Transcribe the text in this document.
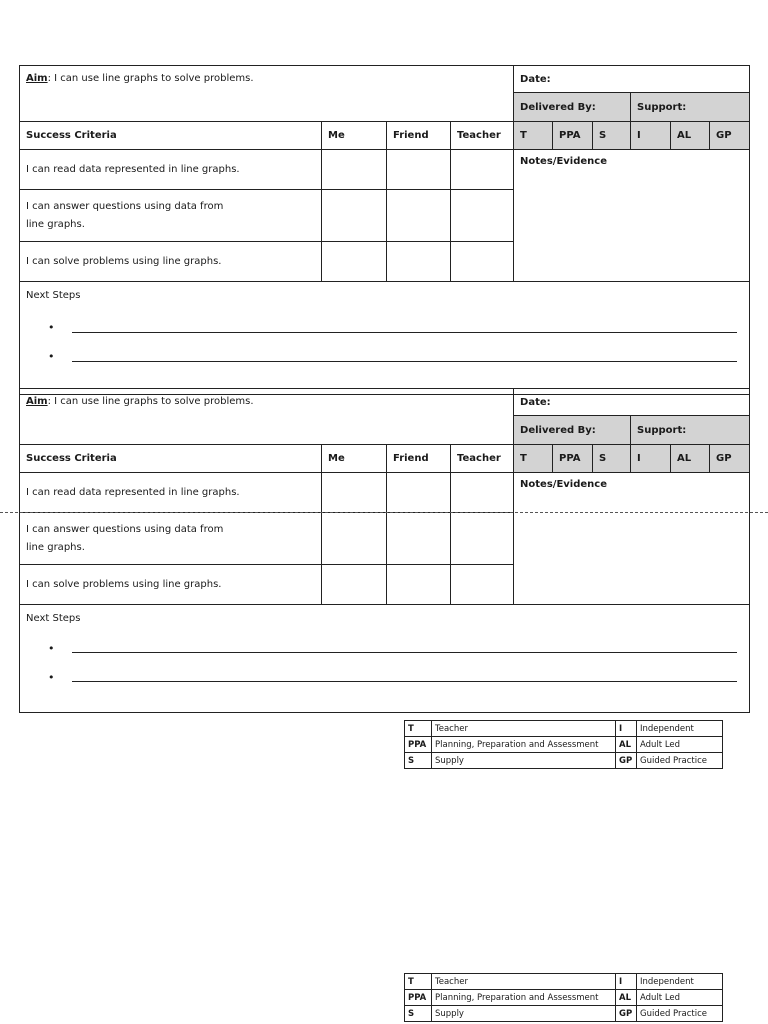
Aim: I can use line graphs to solve problems.				Date:					
				Delivered By:			Support:		
Success Criteria	Me	Friend	Teacher	T	PPA	S	I	AL	GP
I can read data represented in line graphs.				Notes/Evidence					

I can answer questions using data from line graphs.									

I can solve problems using line graphs.									
Next Steps
•
•									
Aim: I can use line graphs to solve problems.				Date:					
				Delivered By:			Support:		
Success Criteria	Me	Friend	Teacher	T	PPA	S	I	AL	GP
I can read data represented in line graphs.				Notes/Evidence					

I can answer questions using data from line graphs.									

I can solve problems using line graphs.									
Next Steps
•
•									
T	Teacher	I	Independent
PPA	Planning, Preparation and Assessment	AL	Adult Led
S	Supply	GP	Guided Practice
T	Teacher	I	Independent
PPA	Planning, Preparation and Assessment	AL	Adult Led
S	Supply	GP	Guided Practice
